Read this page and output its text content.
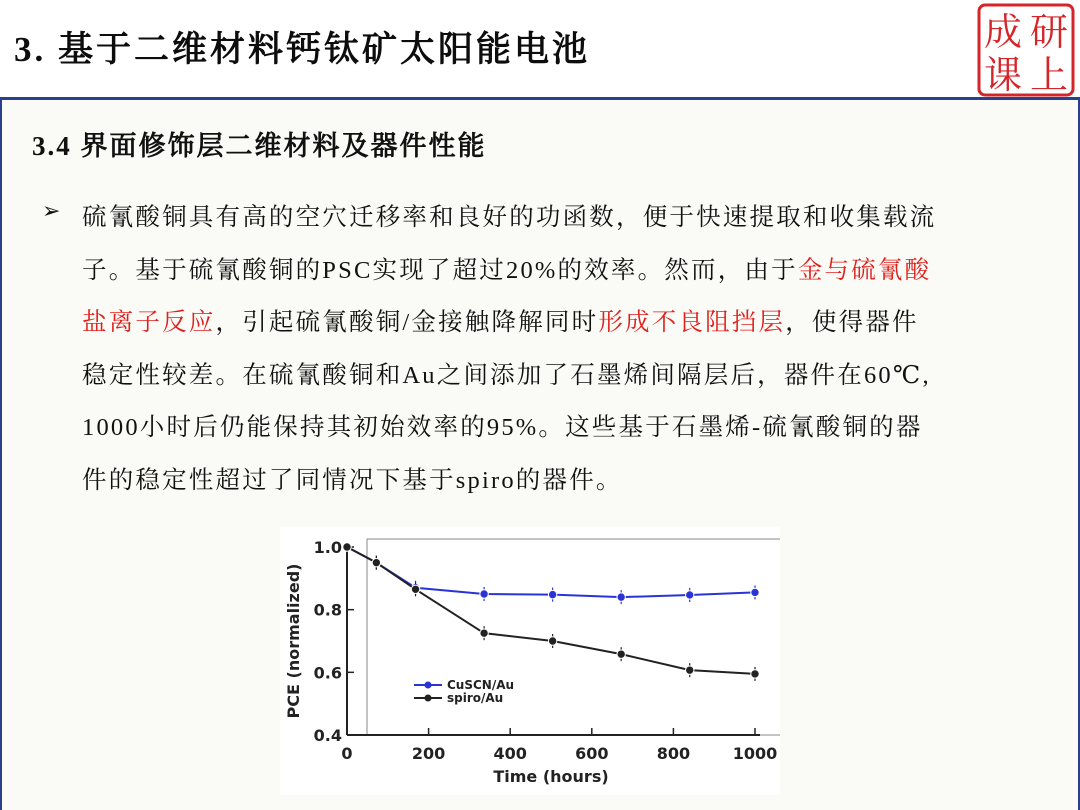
3. 基于二维材料钙钛矿太阳能电池	成 研
课 上
3.4 界面修饰层二维材料及器件性能
➢ 硫氰酸铜具有高的空穴迁移率和良好的功函数，便于快速提取和收集载流
子。基于硫氰酸铜的PSC实现了超过20%的效率。然而，由于金与硫氰酸
盐离子反应，引起硫氰酸铜/金接触降解同时形成不良阻挡层，使得器件
稳定性较差。在硫氰酸铜和Au之间添加了石墨烯间隔层后，器件在60℃,
1000小时后仍能保持其初始效率的95%。这些基于石墨烯-硫氰酸铜的器
件的稳定性超过了同情况下基于spiro的器件。
0	200	400	600	800	1000
0.4
0.6
0.8
1.0
Time (hours)
PCE (normalized)	CuSCN/Au
spiro/Au
